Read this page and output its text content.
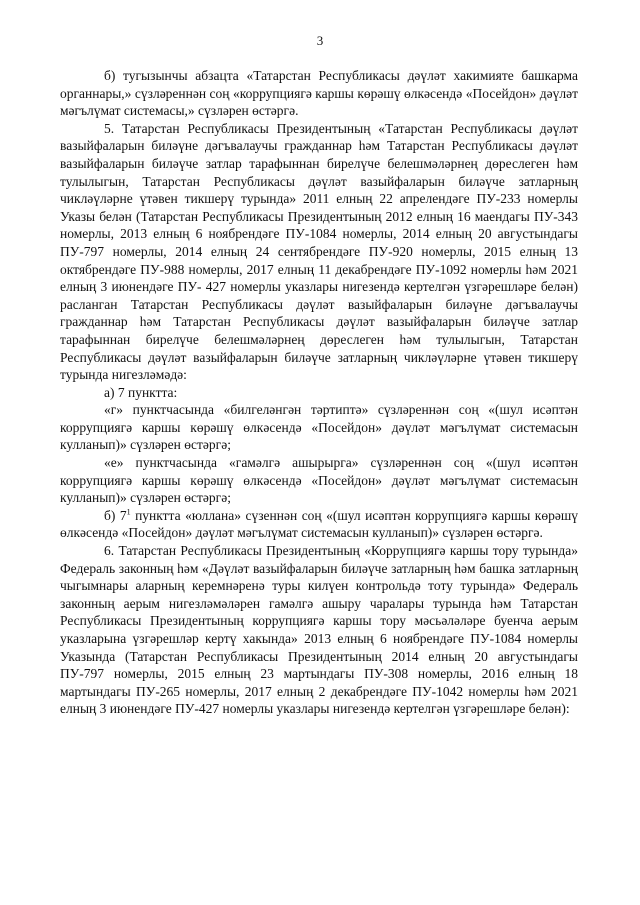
3

б) тугызынчы абзацта «Татарстан Республикасы дәүләт хакимияте башкарма органнары,» сүзләреннән соң «коррупциягә каршы көрәшү өлкәсендә «Посейдон» дәүләт мәгълүмат системасы,» сүзләрен өстәргә.

5. Татарстан Республикасы Президентының «Татарстан Республикасы дәүләт вазыйфаларын биләүне дәгъвалаучы гражданнар һәм Татарстан Республикасы дәүләт вазыйфаларын биләүче затлар тарафыннан бирелүче белешмәләрнең дөреслеген һәм тулылыгын, Татарстан Республикасы дәүләт вазыйфаларын биләүче затларның чикләүләрне үтәвен тикшерү турында» 2011 елның 22 апрелендәге ПУ-233 номерлы Указы белән (Татарстан Республикасы Президентының 2012 елның 16 маендагы ПУ-343 номерлы, 2013 елның 6 ноябрендәге ПУ-1084 номерлы, 2014 елның 20 августындагы ПУ-797 номерлы, 2014 елның 24 сентябрендәге ПУ-920 номерлы, 2015 елның 13 октябрендәге ПУ-988 номерлы, 2017 елның 11 декабрендәге ПУ-1092 номерлы һәм 2021 елның 3 июнендәге ПУ- 427 номерлы указлары нигезендә кертелгән үзгәрешләре белән) расланган Татарстан Республикасы дәүләт вазыйфаларын биләүне дәгъвалаучы гражданнар һәм Татарстан Республикасы дәүләт вазыйфаларын биләүче затлар тарафыннан бирелүче белешмәләрнең дөреслеген һәм тулылыгын, Татарстан Республикасы дәүләт вазыйфаларын биләүче затларның чикләүләрне үтәвен тикшерү турында нигезләмәдә:

а) 7 пунктта:

«г» пунктчасында «билгеләнгән тәртиптә» сүзләреннән соң «(шул исәптән коррупциягә каршы көрәшү өлкәсендә «Посейдон» дәүләт мәгълүмат системасын кулланып)» сүзләрен өстәргә;

«е» пунктчасында «гамәлгә ашырырга» сүзләреннән соң «(шул исәптән коррупциягә каршы көрәшү өлкәсендә «Посейдон» дәүләт мәгълүмат системасын кулланып)» сүзләрен өстәргә;

б) $7^1$ пунктта «юллана» сүзеннән соң «(шул исәптән коррупциягә каршы көрәшү өлкәсендә «Посейдон» дәүләт мәгълүмат системасын кулланып)» сүзләрен өстәргә.

6. Татарстан Республикасы Президентының «Коррупциягә каршы тору турында» Федераль законның һәм «Дәүләт вазыйфаларын биләүче затларның һәм башка затларның чыгымнары аларның керемнәренә туры килүен контрольдә тоту турында» Федераль законның аерым нигезләмәләрен гамәлгә ашыру чаралары турында һәм Татарстан Республикасы Президентының коррупциягә каршы тору мәсьәләләре буенча аерым указларына үзгәрешләр кертү хакында» 2013 елның 6 ноябрендәге ПУ-1084 номерлы Указында (Татарстан Республикасы Президентының 2014 елның 20 августындагы ПУ-797 номерлы, 2015 елның 23 мартындагы ПУ-308 номерлы, 2016 елның 18 мартындагы ПУ-265 номерлы, 2017 елның 2 декабрендәге ПУ-1042 номерлы һәм 2021 елның 3 июнендәге ПУ-427 номерлы указлары нигезендә кертелгән үзгәрешләре белән):
